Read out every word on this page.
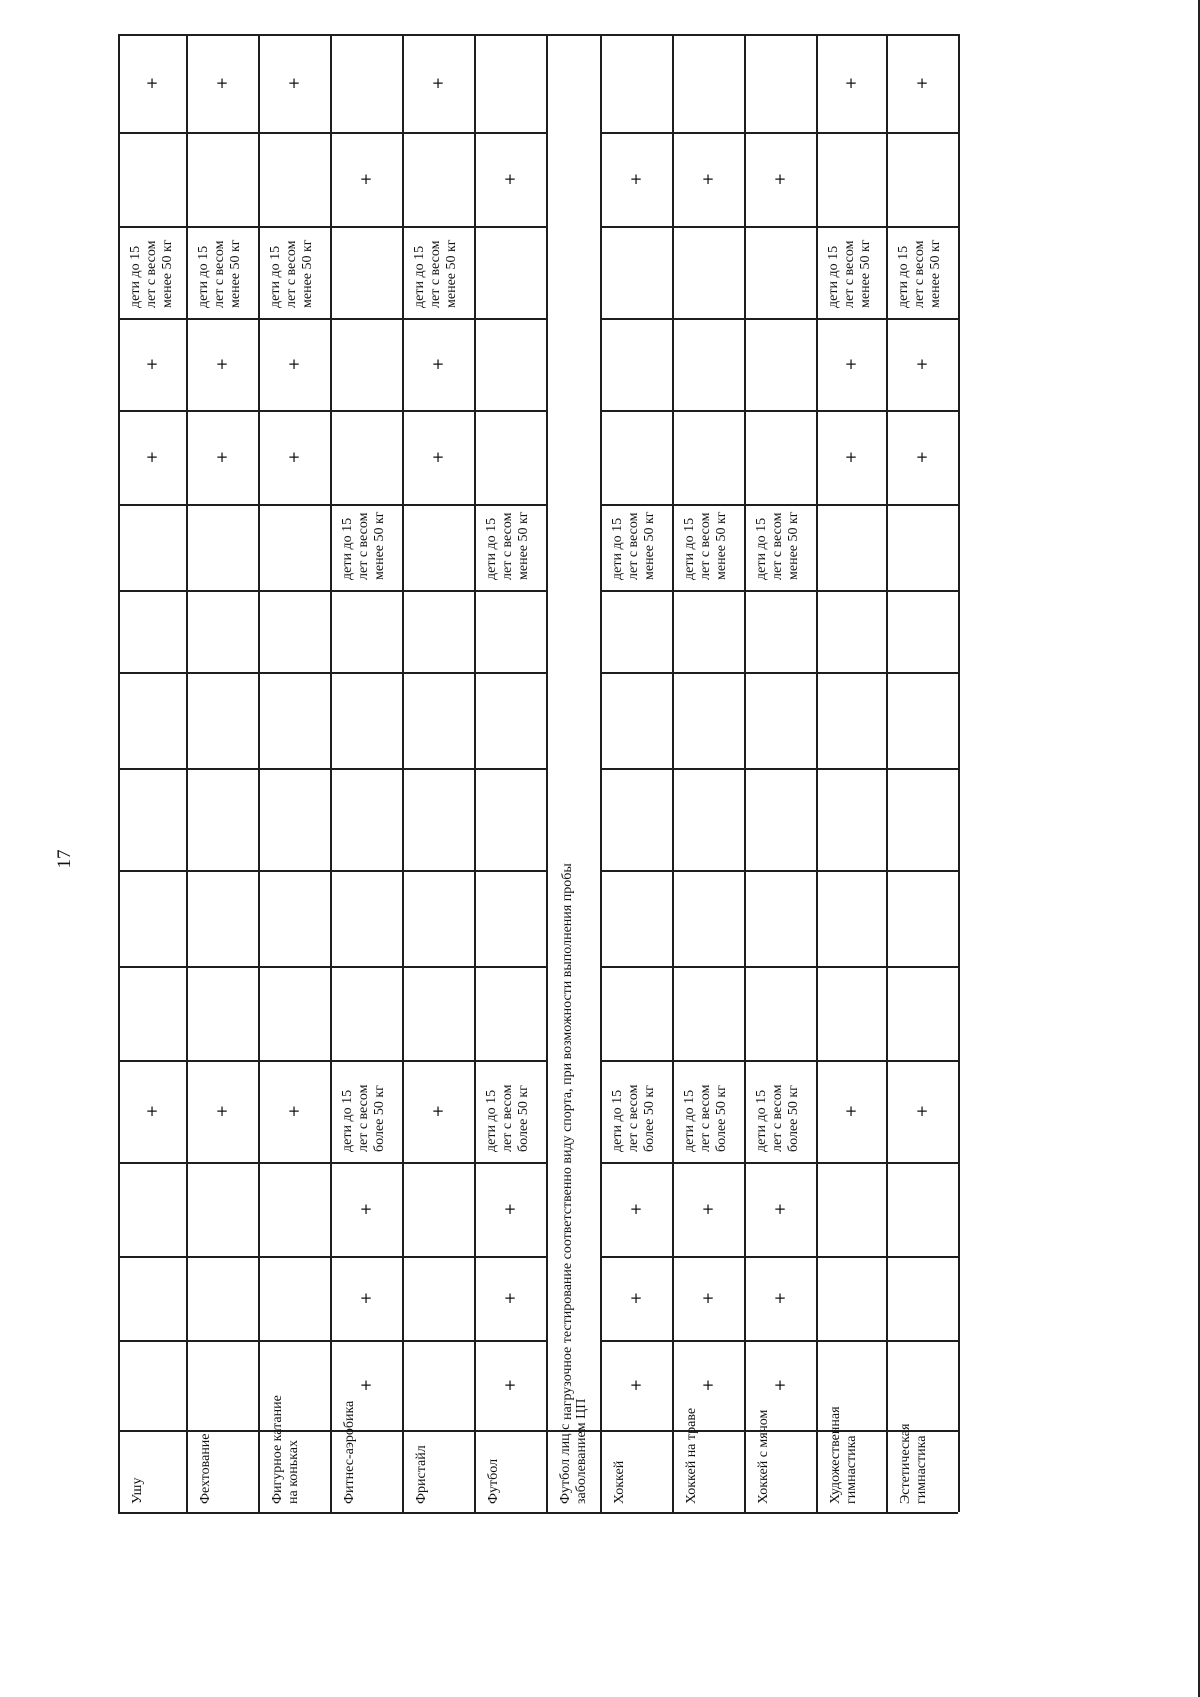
17
Ушу
+
+
+
дети до 15
лет с весом
менее 50 кг
+
Фехтование
+
+
+
дети до 15
лет с весом
менее 50 кг
+
Фигурное катание
на коньках
+
+
+
дети до 15
лет с весом
менее 50 кг
+
Фитнес-аэробика
+
+
+
дети до 15
лет с весом
более 50 кг
дети до 15
лет с весом
менее 50 кг
+
Фристайл
+
+
+
дети до 15
лет с весом
менее 50 кг
+
Футбол
+
+
+
дети до 15
лет с весом
более 50 кг
дети до 15
лет с весом
менее 50 кг
+
Футбол лиц с
заболеванием ЦП
нагрузочное тестирование соответственно виду спорта, при возможности выполнения пробы
Хоккей
+
+
+
дети до 15
лет с весом
более 50 кг
дети до 15
лет с весом
менее 50 кг
+
Хоккей на траве
+
+
+
дети до 15
лет с весом
более 50 кг
дети до 15
лет с весом
менее 50 кг
+
Хоккей с мячом
+
+
+
дети до 15
лет с весом
более 50 кг
дети до 15
лет с весом
менее 50 кг
+
Художественная
гимнастика
+
+
+
дети до 15
лет с весом
менее 50 кг
+
Эстетическая
гимнастика
+
+
+
дети до 15
лет с весом
менее 50 кг
+
